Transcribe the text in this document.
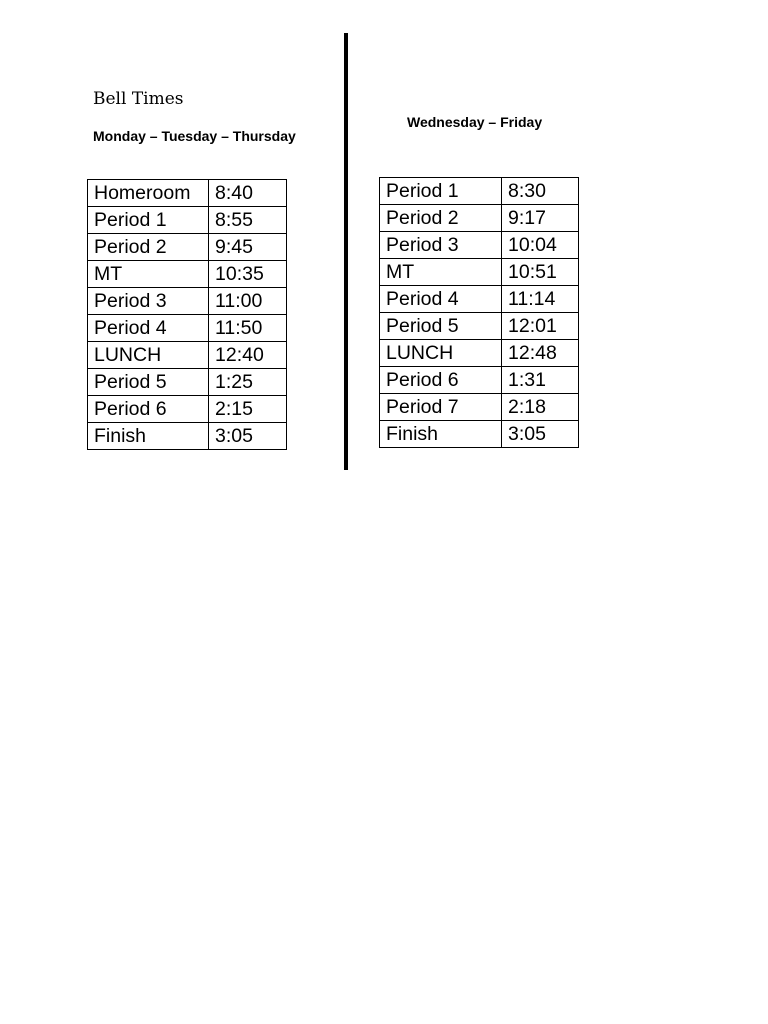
Bell Times
Monday – Tuesday – Thursday
Wednesday – Friday
Homeroom	8:40
Period 1	8:55
Period 2	9:45
MT	10:35
Period 3	11:00
Period 4	11:50
LUNCH	12:40
Period 5	1:25
Period 6	2:15
Finish	3:05
Period 1	8:30
Period 2	9:17
Period 3	10:04
MT	10:51
Period 4	11:14
Period 5	12:01
LUNCH	12:48
Period 6	1:31
Period 7	2:18
Finish	3:05
